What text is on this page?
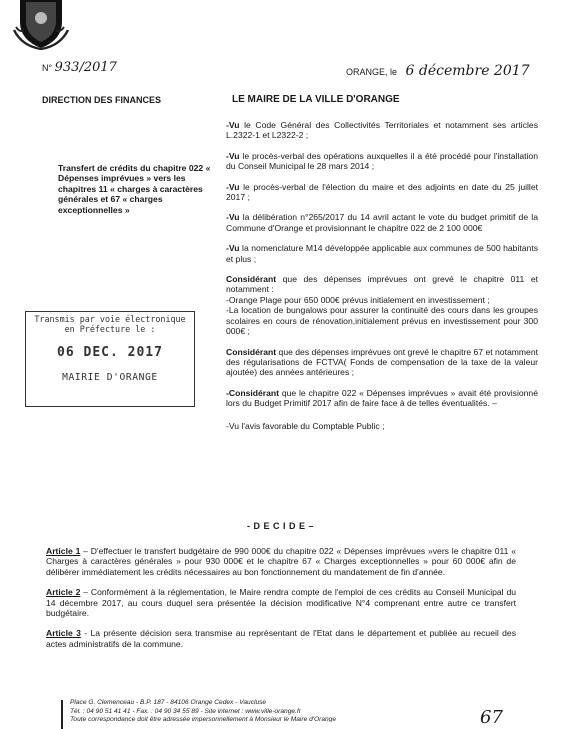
N° 933/2017	ORANGE, le 6 décembre 2017
DIRECTION DES FINANCES	LE MAIRE DE LA VILLE D'ORANGE
Transfert de crédits du chapitre 022 « Dépenses imprévues » vers les chapitres 11 « charges à caractères générales et 67 « charges exceptionnelles »
Transmis par voie électronique
en Préfecture le :
06 DEC. 2017
MAIRIE D'ORANGE

-Vu le Code Général des Collectivités Territoriales et notamment ses articles L.2322-1 et L2322-2 ;

-Vu le procès-verbal des opérations auxquelles il a été procédé pour l'installation du Conseil Municipal le 28 mars 2014 ;

-Vu le procès-verbal de l'élection du maire et des adjoints en date du 25 juillet 2017 ;

-Vu la délibération n°265/2017 du 14 avril actant le vote du budget primitif de la Commune d'Orange et provisionnant le chapitre 022 de 2 100 000€

-Vu la nomenclature M14 développée applicable aux communes de 500 habitants et plus ;

Considérant que des dépenses imprévues ont grevé le chapitre 011 et notamment :

-Orange Plage pour 650 000€ prévus initialement en investissement ;

-La location de bungalows pour assurer la continuité des cours dans les groupes scolaires en cours de rénovation,initialement prévus en investissement pour 300 000€ ;

Considérant que des dépenses imprévues ont grevé le chapitre 67 et notamment des régularisations de FCTVA( Fonds de compensation de la taxe de la valeur ajoutée) des années antérieures ;

-Considérant que le chapitre 022 « Dépenses imprévues » avait été provisionné lors du Budget Primitif 2017 afin de faire face à de telles éventualités. –

-Vu l'avis favorable du Comptable Public ;

- D E C I D E –

Article 1 – D'effectuer le transfert budgétaire de 990 000€ du chapitre 022 « Dépenses imprévues »vers le chapitre 011 « Charges à caractères générales » pour 930 000€ et le chapitre 67 « Charges exceptionnelles » pour 60 000€ afin de délibérer immédiatement les crédits nécessaires au bon fonctionnement du mandatement de fin d'année.

Article 2 – Conformément à la réglementation, le Maire rendra compte de l'emploi de ces crédits au Conseil Municipal du 14 décembre 2017, au cours duquel sera présentée la décision modificative N°4 comprenant entre autre ce transfert budgétaire.

Article 3 - La présente décision sera transmise au représentant de l'Etat dans le département et publiée au recueil des actes administratifs de la commune.

Place G. Clemenceau - B.P. 187 - 84106 Orange Cedex - Vaucluse
Tél. : 04 90 51 41 41 - Fax. : 04 90 34 55 89 - Site internet : www.ville-orange.fr
Toute correspondance doit être adressée impersonnellement à Monsieur le Maire d'Orange	67
